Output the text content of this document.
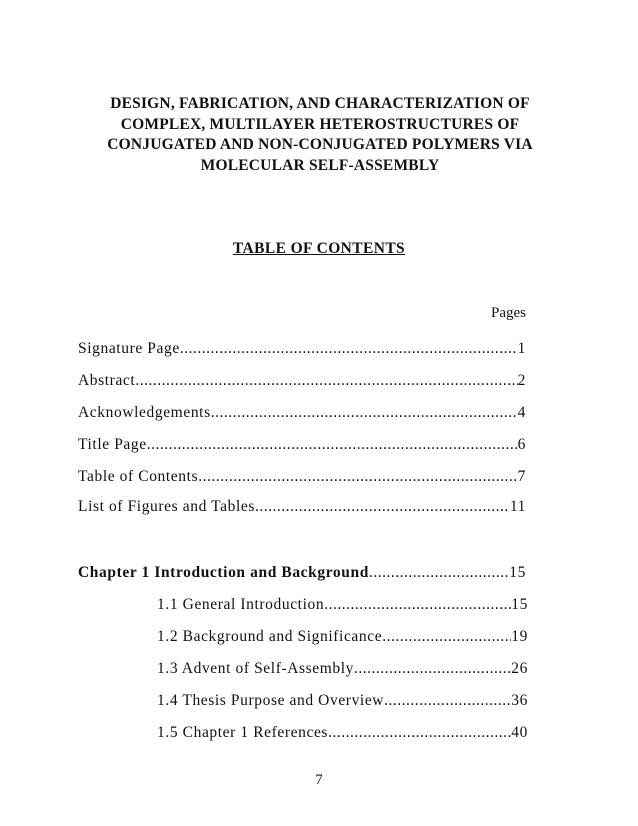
DESIGN, FABRICATION, AND CHARACTERIZATION OF
COMPLEX, MULTILAYER HETEROSTRUCTURES OF
CONJUGATED AND NON-CONJUGATED POLYMERS VIA
MOLECULAR SELF-ASSEMBLY
TABLE OF CONTENTS
Pages
Signature Page .....	1
Abstract .....	2
Acknowledgements .....	4
Title Page .....	6
Table of Contents .....	7
List of Figures and Tables .....	11
Chapter 1 Introduction and Background .....	15
1.1 General Introduction .....	15
1.2 Background and Significance .....	19
1.3 Advent of Self-Assembly .....	26
1.4 Thesis Purpose and Overview .....	36
1.5 Chapter 1 References .....	40
7
